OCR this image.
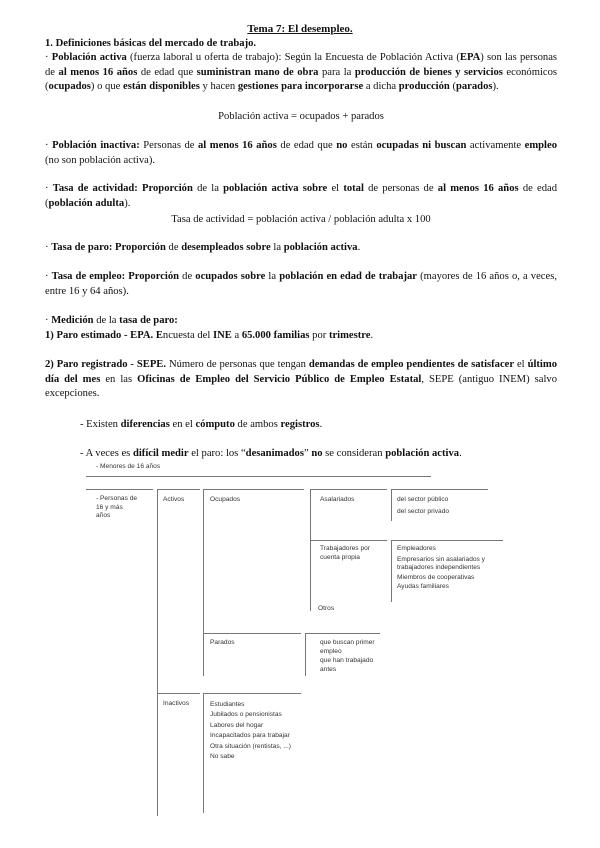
Tema 7: El desempleo.
1. Definiciones básicas del mercado de trabajo.
· Población activa (fuerza laboral u oferta de trabajo): Según la Encuesta de Población Activa (EPA) son las personas de al menos 16 años de edad que suministran mano de obra para la producción de bienes y servicios económicos (ocupados) o que están disponibles y hacen gestiones para incorporarse a dicha producción (parados).
Población activa = ocupados + parados
· Población inactiva: Personas de al menos 16 años de edad que no están ocupadas ni buscan activamente empleo (no son población activa).
· Tasa de actividad: Proporción de la población activa sobre el total de personas de al menos 16 años de edad (población adulta).
Tasa de actividad = población activa / población adulta x 100
· Tasa de paro: Proporción de desempleados sobre la población activa.
· Tasa de empleo: Proporción de ocupados sobre la población en edad de trabajar (mayores de 16 años o, a veces, entre 16 y 64 años).
· Medición de la tasa de paro:
1) Paro estimado - EPA. Encuesta del INE a 65.000 familias por trimestre.
2) Paro registrado - SEPE. Número de personas que tengan demandas de empleo pendientes de satisfacer el último día del mes en las Oficinas de Empleo del Servicio Público de Empleo Estatal, SEPE (antiguo INEM) salvo excepciones.
- Existen diferencias en el cómputo de ambos registros.
- A veces es difícil medir el paro: los “desanimados” no se consideran población activa.
- Menores de 16 años
- Personas de
16 y más
años
Activos	Ocupados	Asalariados	del sector público
del sector privado
Trabajadores por
cuenta propia
Empleadores
Empresarios sin asalariados y
trabajadores independientes
Miembros de cooperativas
Ayudas familiares
Otros
Parados	que buscan primer
empleo
que han trabajado
antes
Inactivos	Estudiantes
Jubilados o pensionistas
Labores del hogar
Incapacitados para trabajar
Otra situación (rentistas, ...)
No sabe
